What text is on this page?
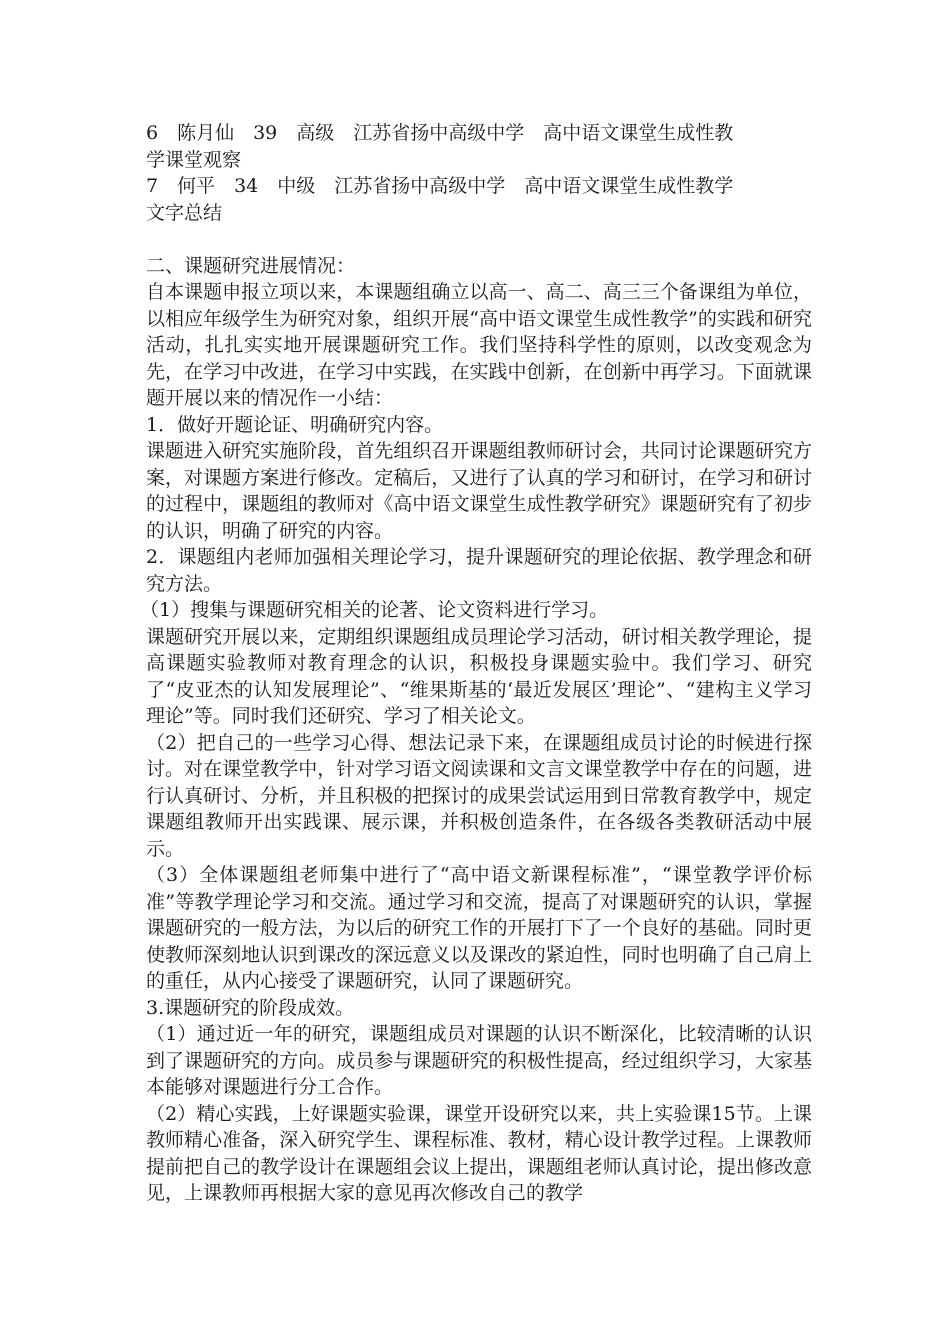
6　陈月仙　39　高级　江苏省扬中高级中学　高中语文课堂生成性教
学课堂观察
7　何平　34　中级　江苏省扬中高级中学　高中语文课堂生成性教学
文字总结

二、课题研究进展情况：

自本课题申报立项以来，本课题组确立以高一、高二、高三三个备课组为单位，以相应年级学生为研究对象，组织开展“高中语文课堂生成性教学”的实践和研究活动，扎扎实实地开展课题研究工作。我们坚持科学性的原则，以改变观念为先，在学习中改进，在学习中实践，在实践中创新，在创新中再学习。下面就课题开展以来的情况作一小结：

1．做好开题论证、明确研究内容。

课题进入研究实施阶段，首先组织召开课题组教师研讨会，共同讨论课题研究方案，对课题方案进行修改。定稿后，又进行了认真的学习和研讨，在学习和研讨的过程中，课题组的教师对《高中语文课堂生成性教学研究》课题研究有了初步的认识，明确了研究的内容。

2．课题组内老师加强相关理论学习，提升课题研究的理论依据、教学理念和研究方法。

（1）搜集与课题研究相关的论著、论文资料进行学习。

课题研究开展以来，定期组织课题组成员理论学习活动，研讨相关教学理论，提高课题实验教师对教育理念的认识，积极投身课题实验中。我们学习、研究了“皮亚杰的认知发展理论”、“维果斯基的‘最近发展区’理论”、“建构主义学习理论”等。同时我们还研究、学习了相关论文。

（2）把自己的一些学习心得、想法记录下来，在课题组成员讨论的时候进行探讨。对在课堂教学中，针对学习语文阅读课和文言文课堂教学中存在的问题，进行认真研讨、分析，并且积极的把探讨的成果尝试运用到日常教育教学中，规定课题组教师开出实践课、展示课，并积极创造条件，在各级各类教研活动中展示。

（3）全体课题组老师集中进行了“高中语文新课程标准”，“课堂教学评价标准”等教学理论学习和交流。通过学习和交流，提高了对课题研究的认识，掌握课题研究的一般方法，为以后的研究工作的开展打下了一个良好的基础。同时更使教师深刻地认识到课改的深远意义以及课改的紧迫性，同时也明确了自己肩上的重任，从内心接受了课题研究，认同了课题研究。

3.课题研究的阶段成效。

（1）通过近一年的研究，课题组成员对课题的认识不断深化，比较清晰的认识到了课题研究的方向。成员参与课题研究的积极性提高，经过组织学习，大家基本能够对课题进行分工合作。

（2）精心实践，上好课题实验课，课堂开设研究以来，共上实验课15节。上课教师精心准备，深入研究学生、课程标准、教材，精心设计教学过程。上课教师提前把自己的教学设计在课题组会议上提出，课题组老师认真讨论，提出修改意见，上课教师再根据大家的意见再次修改自己的教学
